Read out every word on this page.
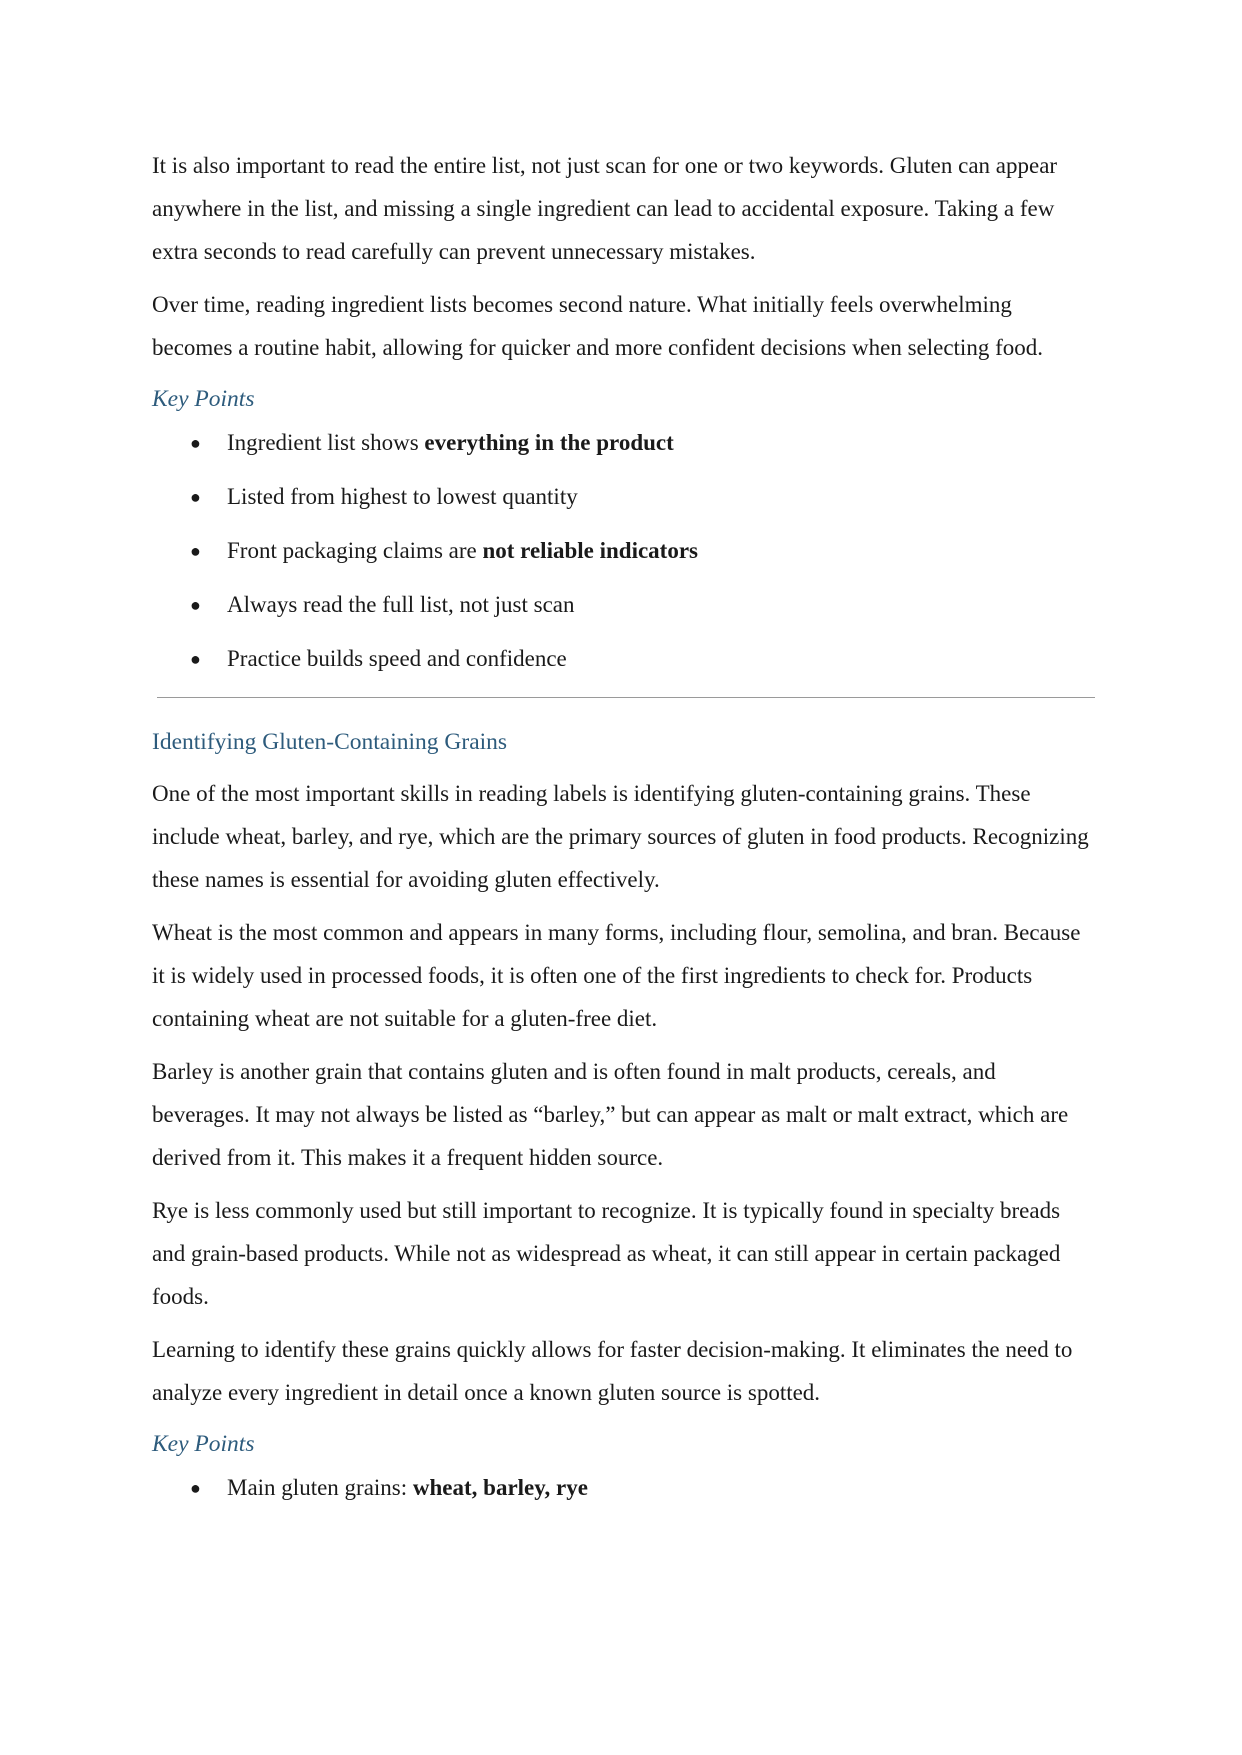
It is also important to read the entire list, not just scan for one or two keywords. Gluten can appear anywhere in the list, and missing a single ingredient can lead to accidental exposure. Taking a few extra seconds to read carefully can prevent unnecessary mistakes.

Over time, reading ingredient lists becomes second nature. What initially feels overwhelming becomes a routine habit, allowing for quicker and more confident decisions when selecting food.

Key Points
● Ingredient list shows everything in the product
● Listed from highest to lowest quantity
● Front packaging claims are not reliable indicators
● Always read the full list, not just scan
● Practice builds speed and confidence
Identifying Gluten-Containing Grains

One of the most important skills in reading labels is identifying gluten-containing grains. These include wheat, barley, and rye, which are the primary sources of gluten in food products. Recognizing these names is essential for avoiding gluten effectively.

Wheat is the most common and appears in many forms, including flour, semolina, and bran. Because it is widely used in processed foods, it is often one of the first ingredients to check for. Products containing wheat are not suitable for a gluten-free diet.

Barley is another grain that contains gluten and is often found in malt products, cereals, and beverages. It may not always be listed as “barley,” but can appear as malt or malt extract, which are derived from it. This makes it a frequent hidden source.

Rye is less commonly used but still important to recognize. It is typically found in specialty breads and grain-based products. While not as widespread as wheat, it can still appear in certain packaged foods.

Learning to identify these grains quickly allows for faster decision-making. It eliminates the need to analyze every ingredient in detail once a known gluten source is spotted.

Key Points
● Main gluten grains: wheat, barley, rye
